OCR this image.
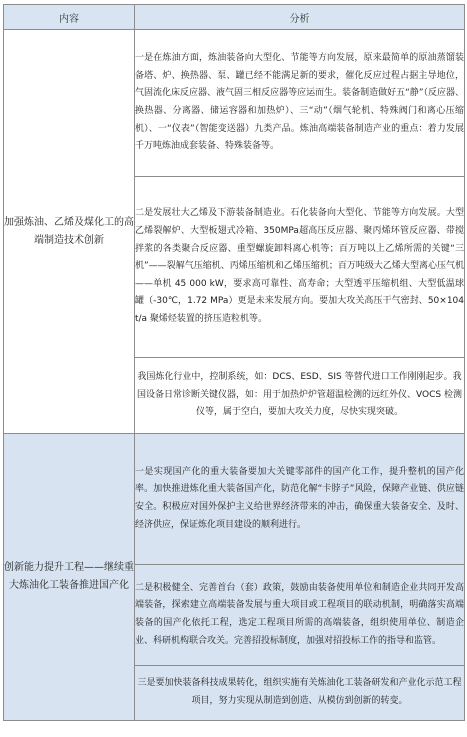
内容	分析
加强炼油、乙烯及煤化工的高端制造技术创新	一是在炼油方面，炼油装备向大型化、节能等方向发展，原来最简单的原油蒸馏装备塔、炉、换热器、泵、罐已经不能满足新的要求，催化反应过程占据主导地位，气固流化床反应器、液气固三相反应器等应运而生。装备制造做好五“静”（反应器、换热器、分离器、储运容器和加热炉）、三“动”（烟气轮机、特殊阀门和离心压缩机）、一“仪表”（智能变送器）九类产品。炼油高端装备制造产业的重点：着力发展千万吨炼油成套装备、特殊装备等。
	二是发展壮大乙烯及下游装备制造业。石化装备向大型化、节能等方向发展。大型乙烯裂解炉、大型板翅式冷箱、350MPa超高压反应器、聚丙烯环管反应器、带搅拌浆的各类聚合反应器、重型螺旋卸料离心机等；百万吨以上乙烯所需的关键“三机”——裂解气压缩机、丙烯压缩机和乙烯压缩机；百万吨级大乙烯大型离心压气机——单机 45 000 kW，要求高可靠性、高寿命；大型透平压缩机组、大型低温球罐（-30℃，1.72 MPa）更是未来发展方向。要加大攻关高压干气密封、50×104 t/a 聚烯烃装置的挤压造粒机等。
	我国炼化行业中，控制系统，如：DCS、ESD、SIS 等替代进口工作刚刚起步。我国设备日常诊断关键仪器，如：用于加热炉炉管超温检测的远红外仪、VOCS 检测仪等，属于空白，要加大攻关力度，尽快实现突破。
创新能力提升工程——继续重大炼油化工装备推进国产化	一是实现国产化的重大装备要加大关键零部件的国产化工作，提升整机的国产化率。加快推进炼化重大装备国产化，防范化解“卡脖子”风险，保障产业链、供应链安全。积极应对国外保护主义给世界经济带来的冲击，确保重大装备安全、及时、经济供应，保证炼化项目建设的顺利进行。
	二是积极健全、完善首台（套）政策，鼓励由装备使用单位和制造企业共同开发高端装备，探索建立高端装备发展与重大项目或工程项目的联动机制，明确落实高端装备的国产化依托工程，选定工程项目所需的高端装备，组织使用单位、制造企业、科研机构联合攻关。完善招投标制度，加强对招投标工作的指导和监管。
	三是要加快装备科技成果转化，组织实施有关炼油化工装备研发和产业化示范工程项目，努力实现从制造到创造、从模仿到创新的转变。
